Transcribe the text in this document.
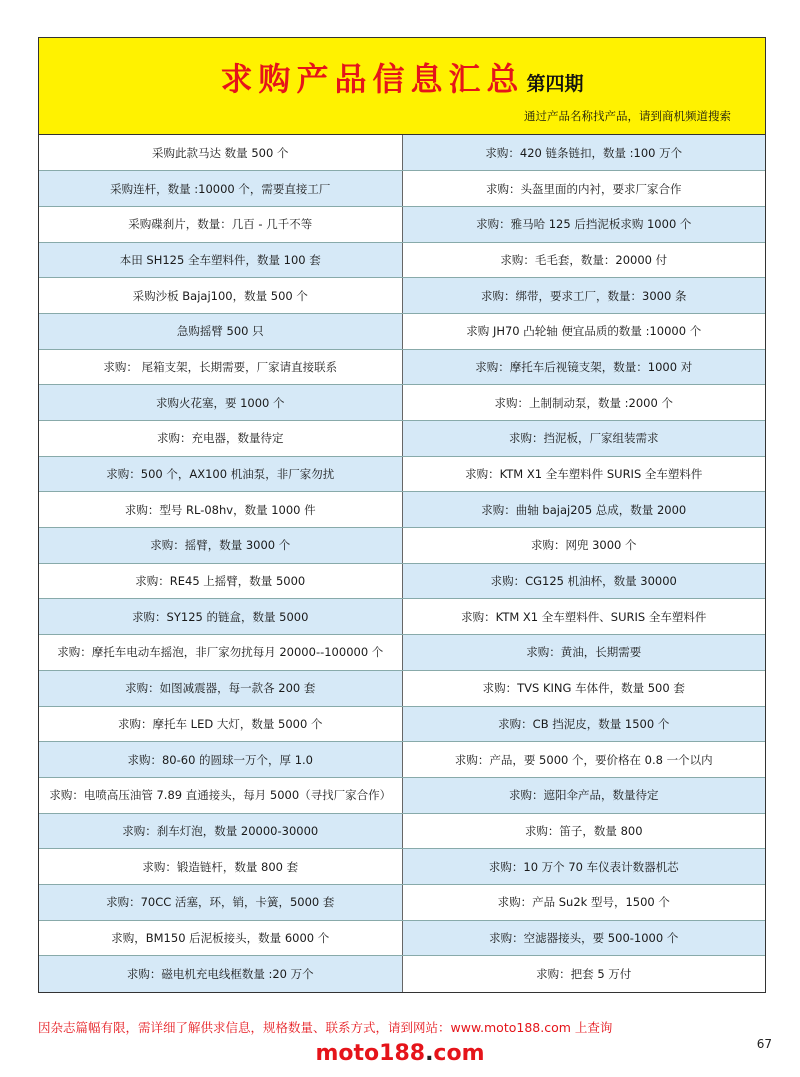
求购产品信息汇总 第四期
通过产品名称找产品，请到商机频道搜索
采购此款马达 数量 500 个	求购：420 链条链扣，数量 :100 万个
采购连杆，数量 :10000 个，需要直接工厂	求购：头盔里面的内衬，要求厂家合作
采购碟刹片，数量：几百 - 几千不等	求购：雅马哈 125 后挡泥板求购 1000 个
本田 SH125 全车塑料件，数量 100 套	求购：毛毛套，数量：20000 付
采购沙板 Bajaj100，数量 500 个	求购：绑带，要求工厂，数量：3000 条
急购摇臂 500 只	求购 JH70 凸轮轴 便宜品质的数量 :10000 个
求购： 尾箱支架，长期需要，厂家请直接联系	求购：摩托车后视镜支架，数量：1000 对
求购火花塞，要 1000 个	求购：上制制动泵，数量 :2000 个
求购：充电器，数量待定	求购：挡泥板，厂家组装需求
求购：500 个，AX100 机油泵，非厂家勿扰	求购：KTM X1 全车塑料件 SURIS 全车塑料件
求购：型号 RL-08hv，数量 1000 件	求购：曲轴 bajaj205 总成，数量 2000
求购：摇臂，数量 3000 个	求购：网兜 3000 个
求购：RE45 上摇臂，数量 5000	求购：CG125 机油杯，数量 30000
求购：SY125 的链盒，数量 5000	求购：KTM X1 全车塑料件、SURIS 全车塑料件
求购：摩托车电动车摇泡，非厂家勿扰每月 20000--100000 个	求购：黄油，长期需要
求购：如图减震器，每一款各 200 套	求购：TVS KING 车体件，数量 500 套
求购：摩托车 LED 大灯，数量 5000 个	求购：CB 挡泥皮，数量 1500 个
求购：80-60 的圆球一万个，厚 1.0	求购：产品，要 5000 个，要价格在 0.8 一个以内
求购：电喷高压油管 7.89 直通接头，每月 5000（寻找厂家合作）	求购：遮阳伞产品，数量待定
求购：刹车灯泡，数量 20000-30000	求购：笛子，数量 800
求购：锻造链杆，数量 800 套	求购：10 万个 70 车仪表计数器机芯
求购：70CC 活塞，环，销，卡簧，5000 套	求购：产品 Su2k 型号，1500 个
求购，BM150 后泥板接头，数量 6000 个	求购：空滤器接头，要 500-1000 个
求购：磁电机充电线框数量 :20 万个	求购：把套 5 万付
因杂志篇幅有限，需详细了解供求信息，规格数量、联系方式，请到网站：www.moto188.com 上查询
moto188.com	67
